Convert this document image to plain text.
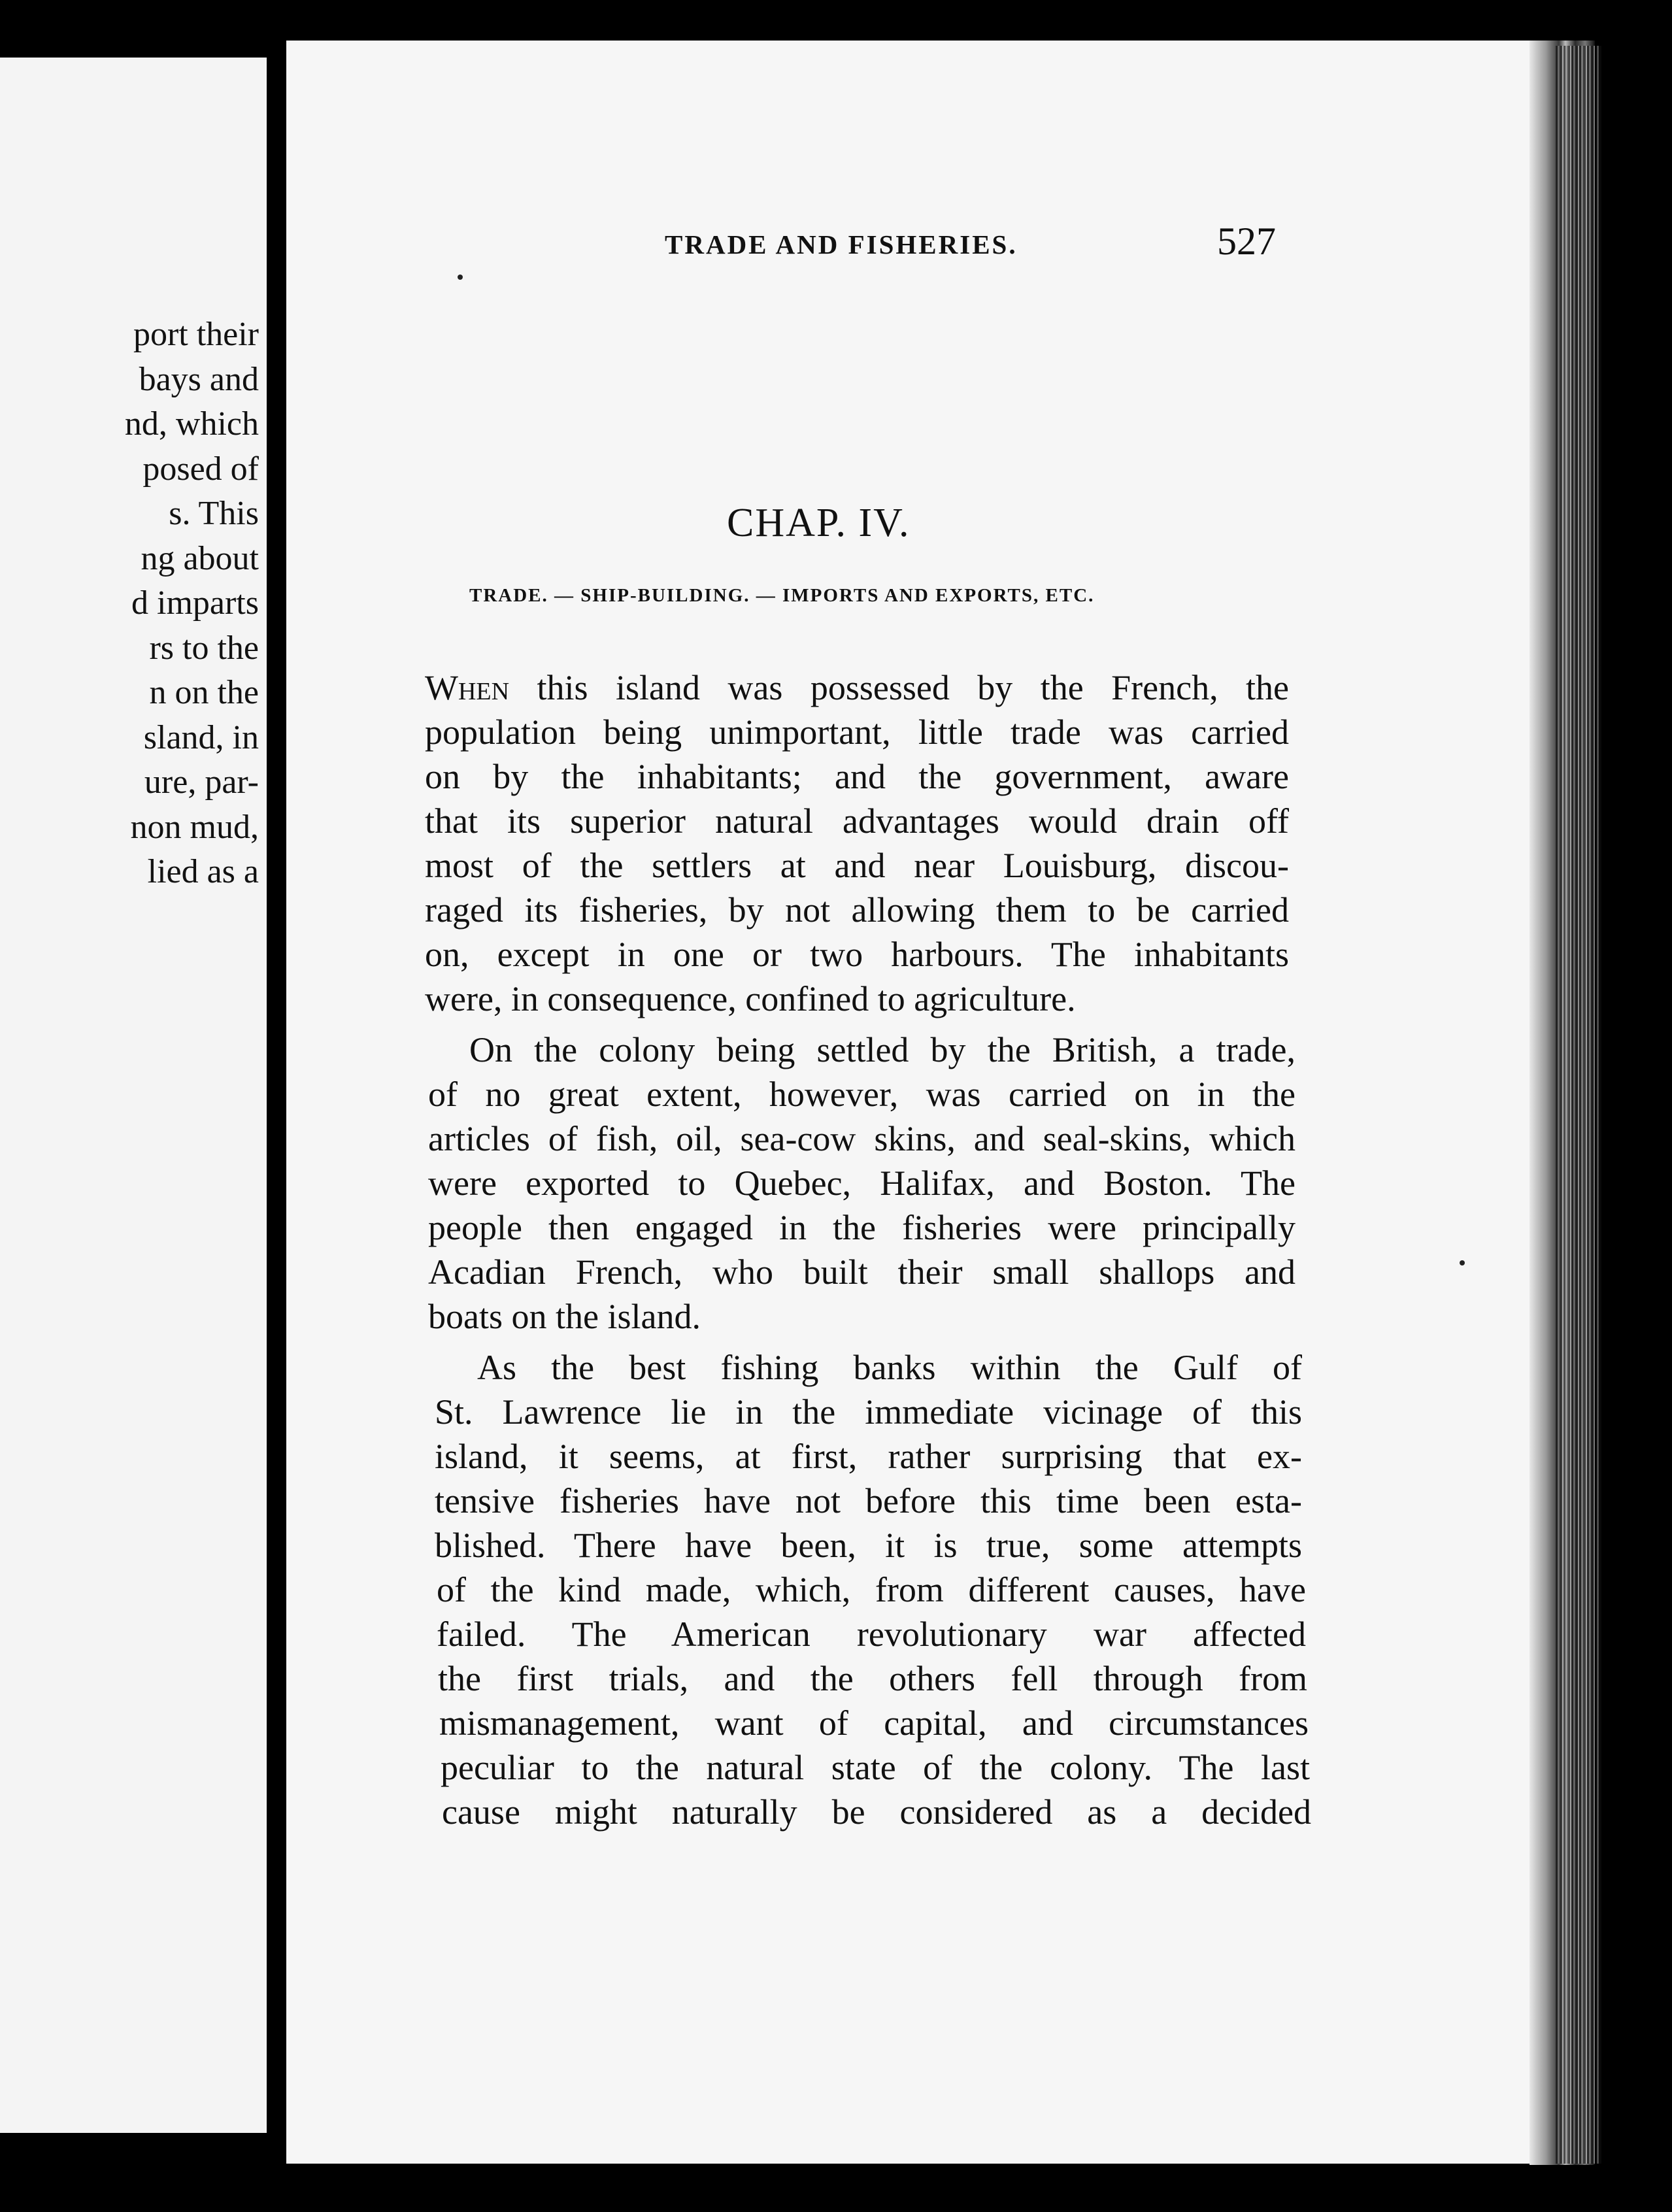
port their
bays and
nd, which
posed of
s. This
ng about
d imparts
rs to the
n on the
sland, in
ure, par-
non mud,
lied as a
TRADE AND FISHERIES.	527
CHAP. IV.
TRADE. — SHIP-BUILDING. — IMPORTS AND EXPORTS, ETC.
When this island was possessed by the French, the
population being unimportant, little trade was carried
on by the inhabitants; and the government, aware
that its superior natural advantages would drain off
most of the settlers at and near Louisburg, discou-
raged its fisheries, by not allowing them to be carried
on, except in one or two harbours. The inhabitants
were, in consequence, confined to agriculture.
On the colony being settled by the British, a trade,
of no great extent, however, was carried on in the
articles of fish, oil, sea-cow skins, and seal-skins, which
were exported to Quebec, Halifax, and Boston. The
people then engaged in the fisheries were principally
Acadian French, who built their small shallops and
boats on the island.
As the best fishing banks within the Gulf of
St. Lawrence lie in the immediate vicinage of this
island, it seems, at first, rather surprising that ex-
tensive fisheries have not before this time been esta-
blished. There have been, it is true, some attempts
of the kind made, which, from different causes, have
failed. The American revolutionary war affected
the first trials, and the others fell through from
mismanagement, want of capital, and circumstances
peculiar to the natural state of the colony. The last
cause might naturally be considered as a decided
